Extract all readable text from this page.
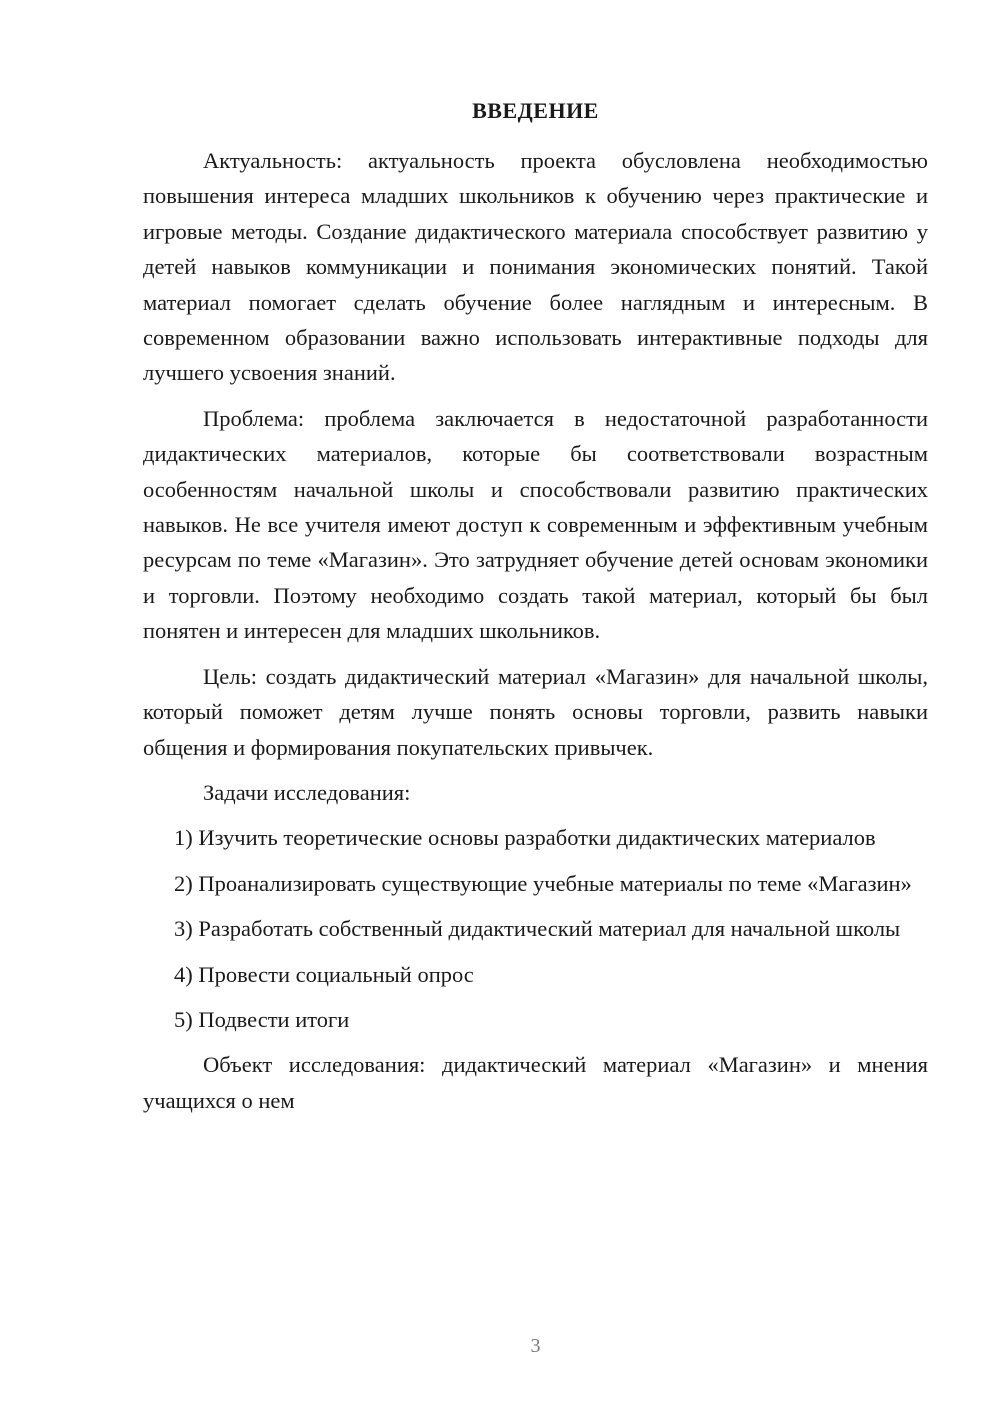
ВВЕДЕНИЕ

Актуальность: актуальность проекта обусловлена необходимостью повышения интереса младших школьников к обучению через практические и игровые методы. Создание дидактического материала способствует развитию у детей навыков коммуникации и понимания экономических понятий. Такой материал помогает сделать обучение более наглядным и интересным. В современном образовании важно использовать интерактивные подходы для лучшего усвоения знаний.

Проблема: проблема заключается в недостаточной разработанности дидактических материалов, которые бы соответствовали возрастным особенностям начальной школы и способствовали развитию практических навыков. Не все учителя имеют доступ к современным и эффективным учебным ресурсам по теме «Магазин». Это затрудняет обучение детей основам экономики и торговли. Поэтому необходимо создать такой материал, который бы был понятен и интересен для младших школьников.

Цель: создать дидактический материал «Магазин» для начальной школы, который поможет детям лучше понять основы торговли, развить навыки общения и формирования покупательских привычек.

Задачи исследования:

1) Изучить теоретические основы разработки дидактических материалов

2) Проанализировать существующие учебные материалы по теме «Магазин»

3) Разработать собственный дидактический материал для начальной школы

4) Провести социальный опрос

5) Подвести итоги

Объект исследования: дидактический материал «Магазин» и мнения учащихся о нем

3
